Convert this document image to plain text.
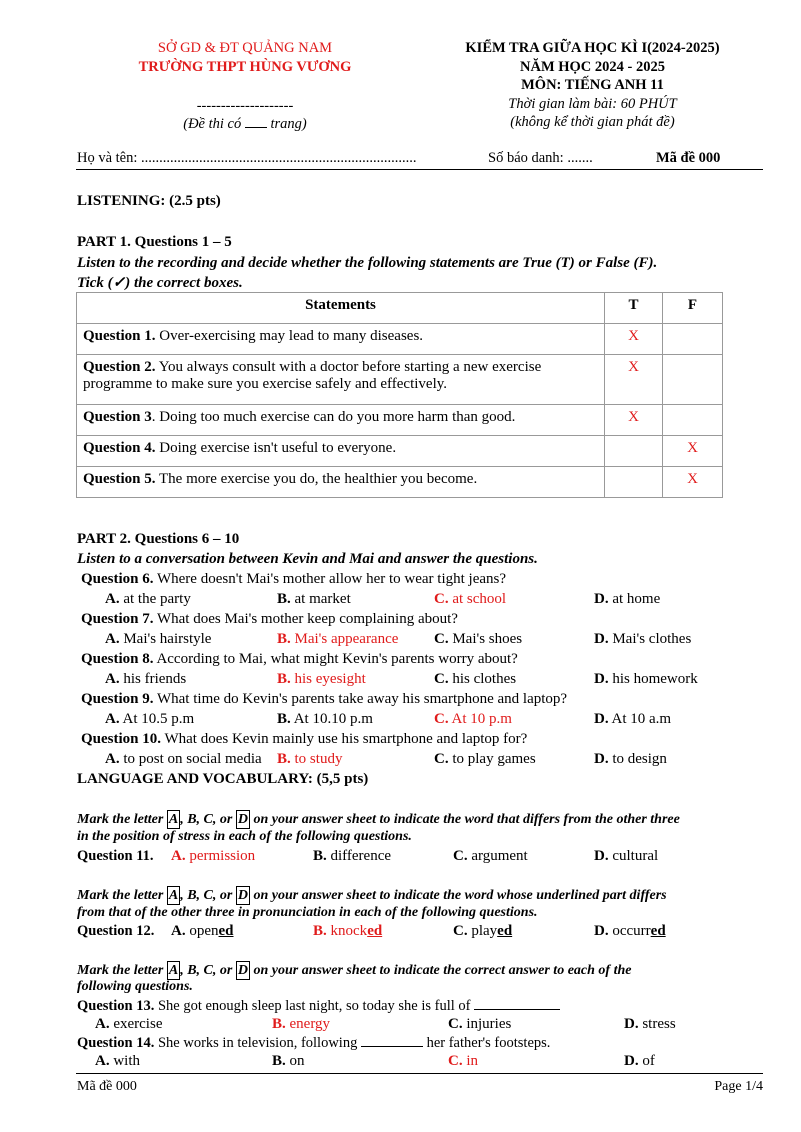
SỞ GD & ĐT QUẢNG NAM
TRƯỜNG THPT HÙNG VƯƠNG
--------------------
(Đề thi có  trang)
KIỂM TRA GIỮA HỌC KÌ I(2024-2025)
NĂM HỌC 2024 - 2025
MÔN: TIẾNG ANH 11
Thời gian làm bài: 60 PHÚT
(không kể thời gian phát đề)
Họ và tên: ............................................................................	Số báo danh: .......	Mã đề 000
LISTENING: (2.5 pts)
PART 1. Questions 1 – 5
Listen to the recording and decide whether the following statements are True (T) or False (F).
Tick (✓) the correct boxes.
Statements	T	F
Question 1. Over-exercising may lead to many diseases.	X	
Question 2. You always consult with a doctor before starting a new exercise programme to make sure you exercise safely and effectively.	X	
Question 3. Doing too much exercise can do you more harm than good.	X	
Question 4. Doing exercise isn't useful to everyone.		X
Question 5. The more exercise you do, the healthier you become.		X
PART 2. Questions 6 – 10
Listen to a conversation between Kevin and Mai and answer the questions.
Question 6. Where doesn't Mai's mother allow her to wear tight jeans?
A. at the party	B. at market	C. at school	D. at home
Question 7. What does Mai's mother keep complaining about?
A. Mai's hairstyle	B. Mai's appearance C. Mai's shoes	D. Mai's clothes
Question 8. According to Mai, what might Kevin's parents worry about?
A. his friends	B. his eyesight	C. his clothes	D. his homework
Question 9. What time do Kevin's parents take away his smartphone and laptop?
A. At 10.5 p.m	B. At 10.10 p.m	C. At 10 p.m	D. At 10 a.m
Question 10. What does Kevin mainly use his smartphone and laptop for?
A. to post on social media B. to study	C. to play games	D. to design
LANGUAGE AND VOCABULARY: (5,5 pts)
Mark the letter A , B, C, or D on your answer sheet to indicate the word that differs from the other three
in the position of stress in each of the following questions.
Question 11. A. permission	B. difference	C. argument	D. cultural
Mark the letter A , B, C, or D on your answer sheet to indicate the word whose underlined part differs
from that of the other three in pronunciation in each of the following questions.
Question 12. A. opened	B. knocked	C. played	D. occurred
Mark the letter A , B, C, or D on your answer sheet to indicate the correct answer to each of the
following questions.
Question 13. She got enough sleep last night, so today she is full of
A. exercise	B. energy	C. injuries	D. stress
Question 14. She works in television, following	her father's footsteps.
A. with	B. on	C. in	D. of
Mã đề 000	Page 1/4
